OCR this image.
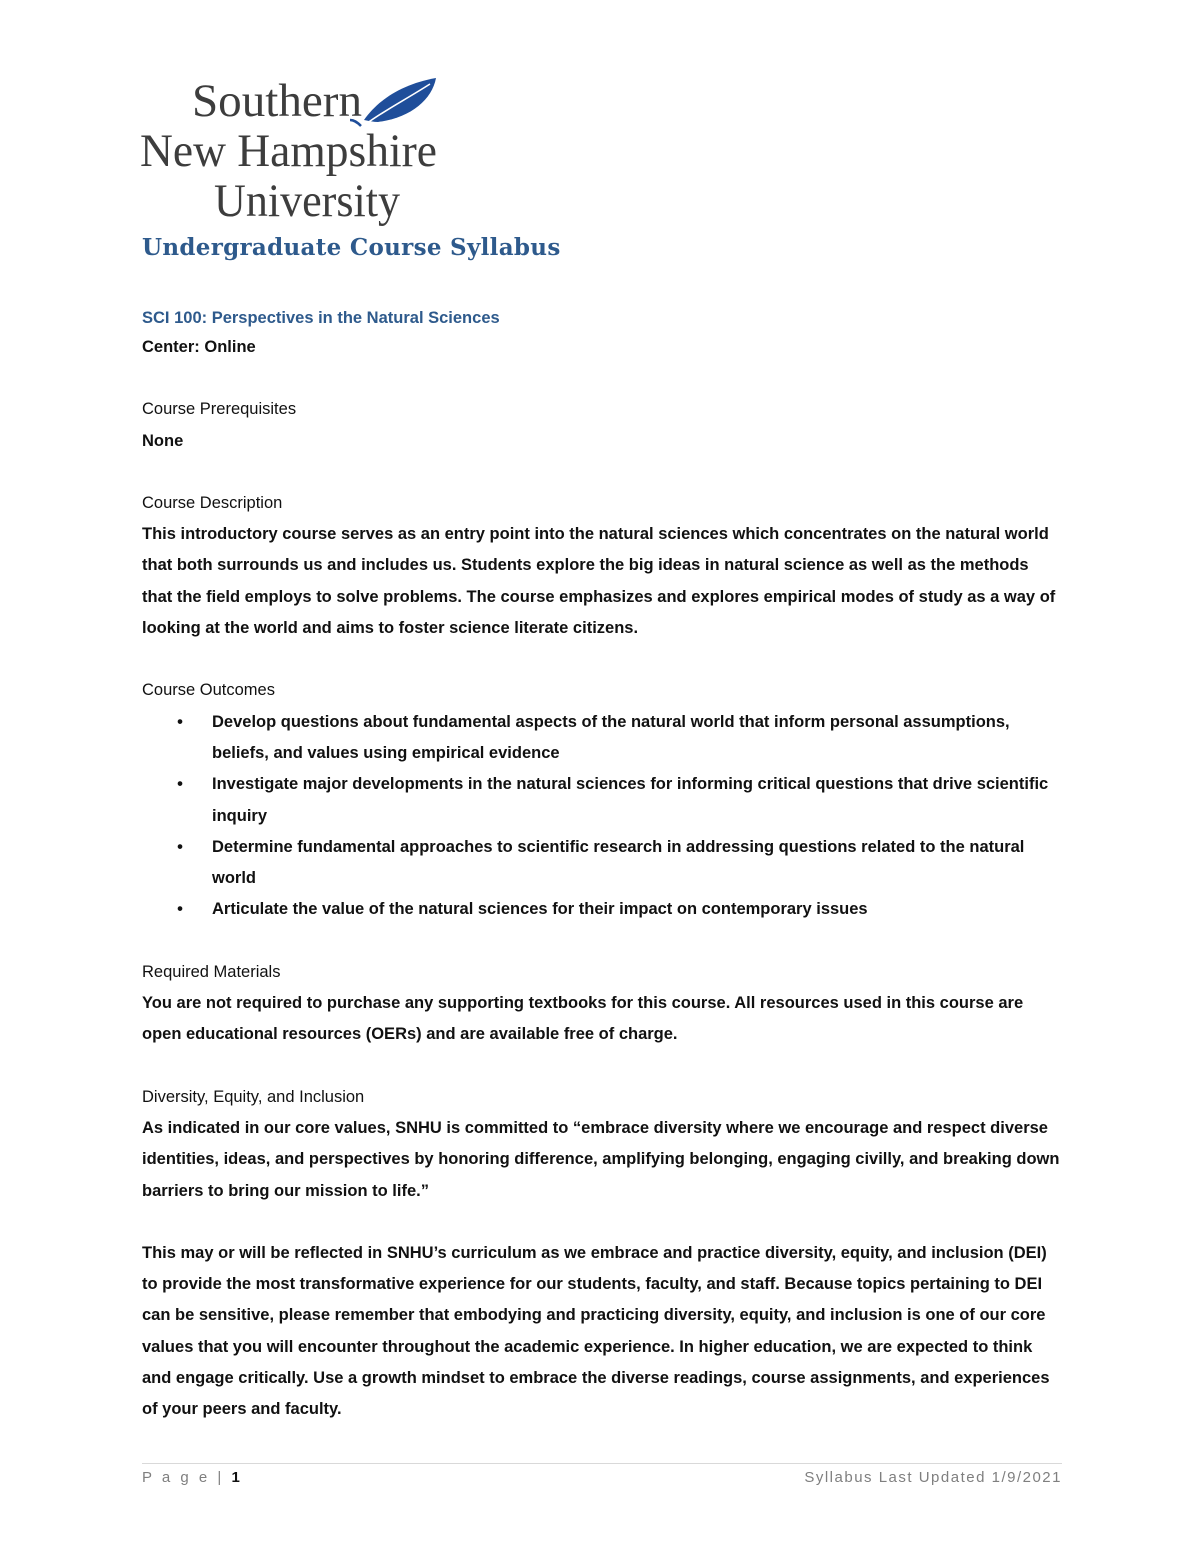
Southern
New Hampshire
University
Undergraduate Course Syllabus
SCI 100: Perspectives in the Natural Sciences

Center: Online

Course Prerequisites

None

Course Description

This introductory course serves as an entry point into the natural sciences which concentrates on the natural world that both surrounds us and includes us. Students explore the big ideas in natural science as well as the methods that the field employs to solve problems. The course emphasizes and explores empirical modes of study as a way of looking at the world and aims to foster science literate citizens.

Course Outcomes

• Develop questions about fundamental aspects of the natural world that inform personal assumptions, beliefs, and values using empirical evidence
• Investigate major developments in the natural sciences for informing critical questions that drive scientific inquiry
• Determine fundamental approaches to scientific research in addressing questions related to the natural world
• Articulate the value of the natural sciences for their impact on contemporary issues

Required Materials

You are not required to purchase any supporting textbooks for this course. All resources used in this course are open educational resources (OERs) and are available free of charge.

Diversity, Equity, and Inclusion

As indicated in our core values, SNHU is committed to “embrace diversity where we encourage and respect diverse identities, ideas, and perspectives by honoring difference, amplifying belonging, engaging civilly, and breaking down barriers to bring our mission to life.”

This may or will be reflected in SNHU’s curriculum as we embrace and practice diversity, equity, and inclusion (DEI) to provide the most transformative experience for our students, faculty, and staff. Because topics pertaining to DEI can be sensitive, please remember that embodying and practicing diversity, equity, and inclusion is one of our core values that you will encounter throughout the academic experience. In higher education, we are expected to think and engage critically. Use a growth mindset to embrace the diverse readings, course assignments, and experiences of your peers and faculty.

P a g e | 1	Syllabus Last Updated 1/9/2021
